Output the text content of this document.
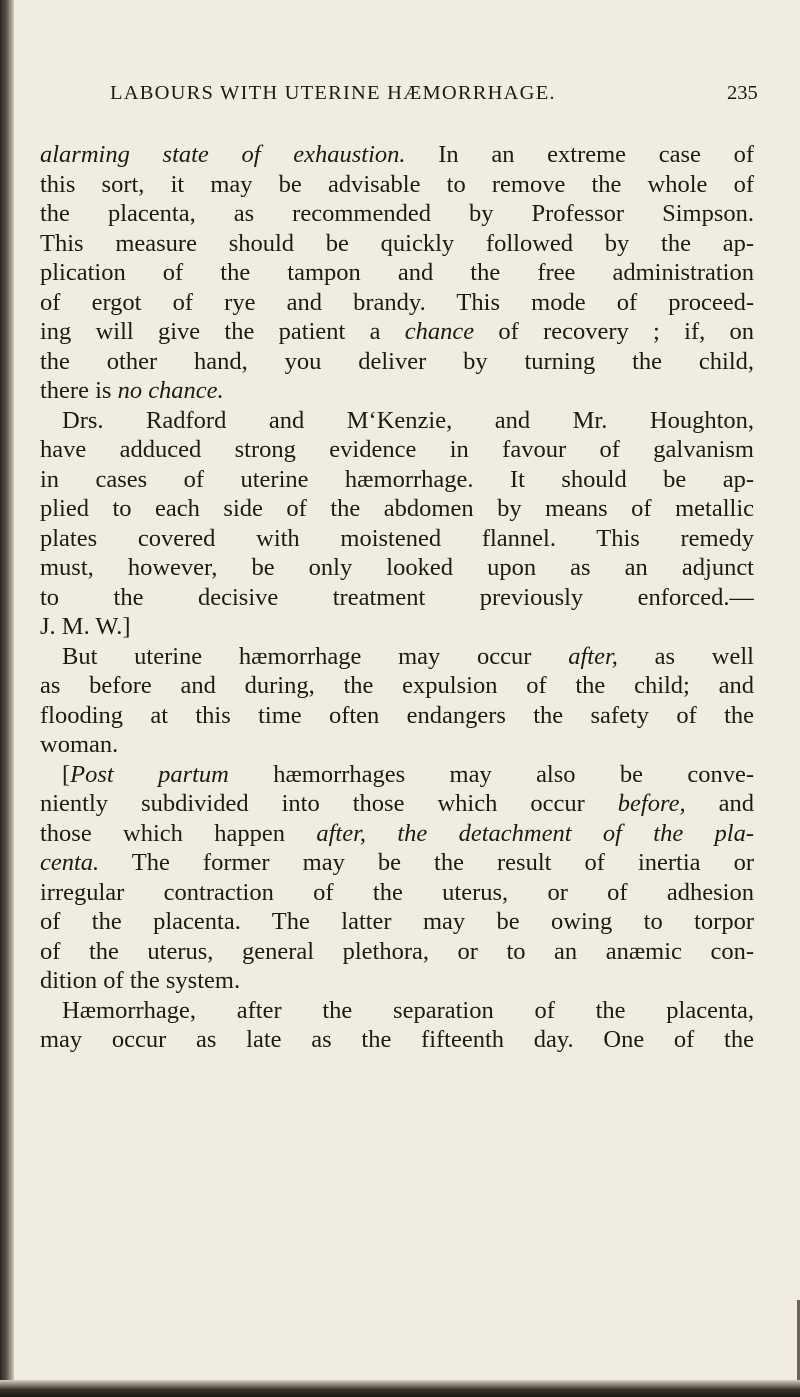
LABOURS WITH UTERINE HÆMORRHAGE.	235
alarming state of exhaustion. In an extreme case of
this sort, it may be advisable to remove the whole of
the placenta, as recommended by Professor Simpson.
This measure should be quickly followed by the ap-
plication of the tampon and the free administration
of ergot of rye and brandy. This mode of proceed-
ing will give the patient a chance of recovery ; if, on
the other hand, you deliver by turning the child,
there is no chance.
Drs. Radford and M‘Kenzie, and Mr. Houghton,
have adduced strong evidence in favour of galvanism
in cases of uterine hæmorrhage. It should be ap-
plied to each side of the abdomen by means of metallic
plates covered with moistened flannel. This remedy
must, however, be only looked upon as an adjunct
to the decisive treatment previously enforced.—
J. M. W.]
But uterine hæmorrhage may occur after, as well
as before and during, the expulsion of the child; and
flooding at this time often endangers the safety of the
woman.
[Post partum hæmorrhages may also be conve-
niently subdivided into those which occur before, and
those which happen after, the detachment of the pla-
centa. The former may be the result of inertia or
irregular contraction of the uterus, or of adhesion
of the placenta. The latter may be owing to torpor
of the uterus, general plethora, or to an anæmic con-
dition of the system.
Hæmorrhage, after the separation of the placenta,
may occur as late as the fifteenth day. One of the
